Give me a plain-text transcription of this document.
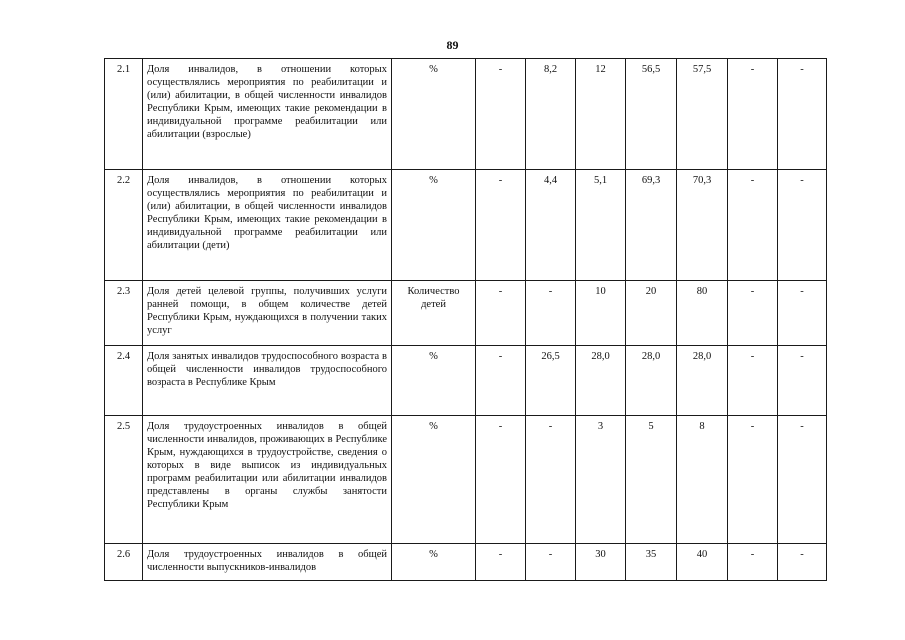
89
2.1	Доля инвалидов, в отношении которых осуществлялись мероприятия по реабилитации и (или) абилитации, в общей численности инвалидов Республики Крым, имеющих такие рекомендации в индивидуальной программе реабилитации или абилитации (взрослые)	%	-	8,2	12	56,5	57,5	-	-
2.2	Доля инвалидов, в отношении которых осуществлялись мероприятия по реабилитации и (или) абилитации, в общей численности инвалидов Республики Крым, имеющих такие рекомендации в индивидуальной программе реабилитации или абилитации (дети)	%	-	4,4	5,1	69,3	70,3	-	-
2.3	Доля детей целевой группы, получивших услуги ранней помощи, в общем количестве детей Республики Крым, нуждающихся в получении таких услуг	Количество детей	-	-	10	20	80	-	-
2.4	Доля занятых инвалидов трудоспособного возраста в общей численности инвалидов трудоспособного возраста в Республике Крым	%	-	26,5	28,0	28,0	28,0	-	-
2.5	Доля трудоустроенных инвалидов в общей численности инвалидов, проживающих в Республике Крым, нуждающихся в трудоустройстве, сведения о которых в виде выписок из индивидуальных программ реабилитации или абилитации инвалидов представлены в органы службы занятости Республики Крым	%	-	-	3	5	8	-	-
2.6	Доля трудоустроенных инвалидов в общей численности выпускников-инвалидов	%	-	-	30	35	40	-	-
